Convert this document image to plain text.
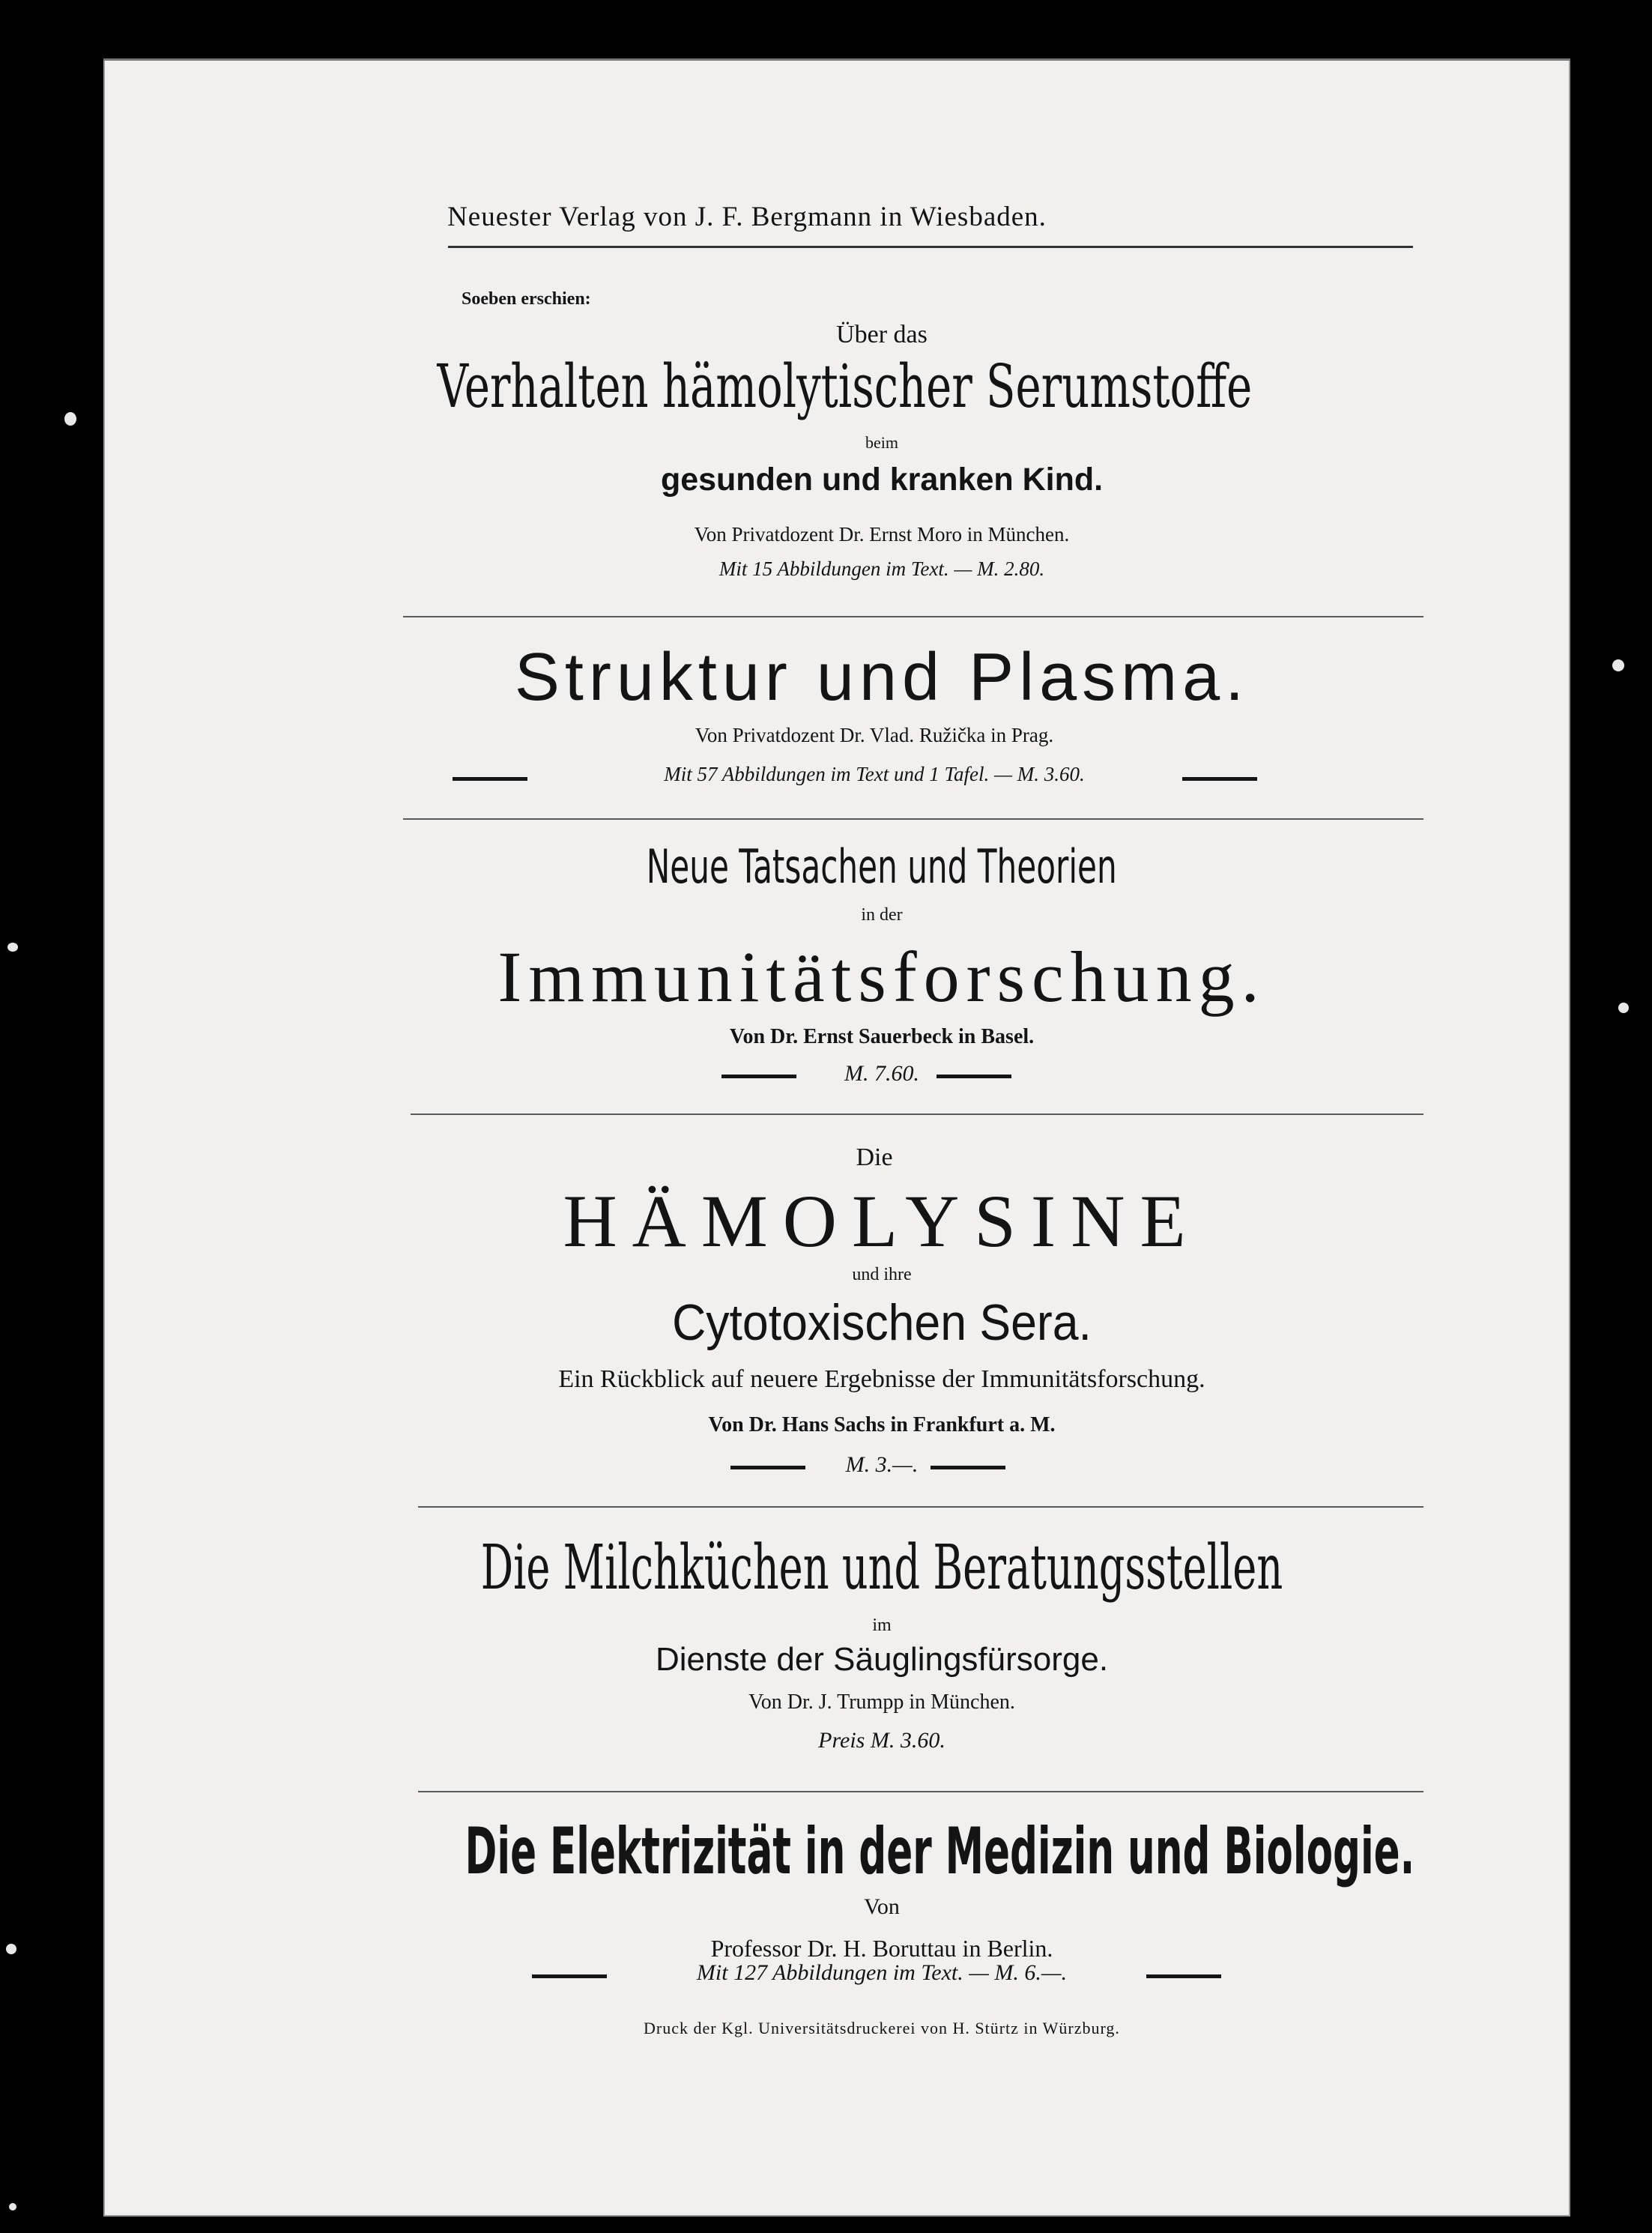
Neuester Verlag von J. F. Bergmann in Wiesbaden.
Soeben erschien:
Über das
Verhalten hämolytischer Serumstoffe
beim
gesunden und kranken Kind.
Von Privatdozent Dr. Ernst Moro in München.
Mit 15 Abbildungen im Text. — M. 2.80.
Struktur und Plasma.
Von Privatdozent Dr. Vlad. Ružička in Prag.
Mit 57 Abbildungen im Text und 1 Tafel. — M. 3.60.
Neue Tatsachen und Theorien
in der
Immunitätsforschung.
Von Dr. Ernst Sauerbeck in Basel.
M. 7.60.
Die
HÄMOLYSINE
und ihre
Cytotoxischen Sera.
Ein Rückblick auf neuere Ergebnisse der Immunitätsforschung.
Von Dr. Hans Sachs in Frankfurt a. M.
M. 3.—.
Die Milchküchen und Beratungsstellen
im
Dienste der Säuglingsfürsorge.
Von Dr. J. Trumpp in München.
Preis M. 3.60.
Die Elektrizität in der Medizin und Biologie.
Von
Professor Dr. H. Boruttau in Berlin.
Mit 127 Abbildungen im Text. — M. 6.—.
Druck der Kgl. Universitätsdruckerei von H. Stürtz in Würzburg.
